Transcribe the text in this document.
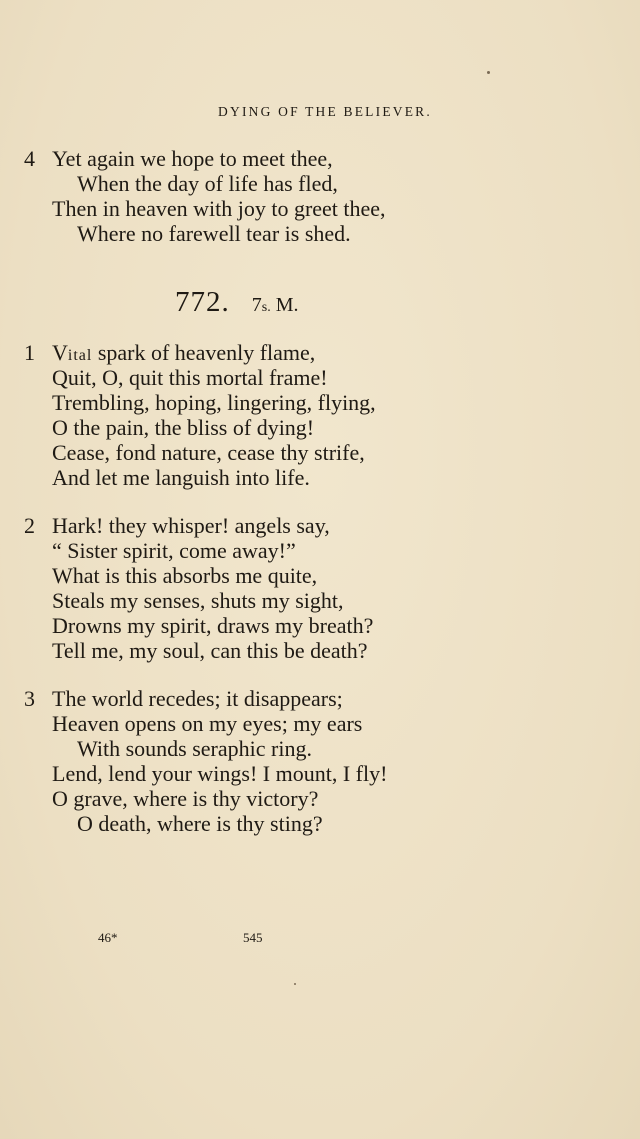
DYING OF THE BELIEVER.
4 Yet again we hope to meet thee,
When the day of life has fled,
Then in heaven with joy to greet thee,
Where no farewell tear is shed.
772. 7s. M.
1 Vital spark of heavenly flame,
Quit, O, quit this mortal frame!
Trembling, hoping, lingering, flying,
O the pain, the bliss of dying!
Cease, fond nature, cease thy strife,
And let me languish into life.
2 Hark! they whisper! angels say,
“ Sister spirit, come away!”
What is this absorbs me quite,
Steals my senses, shuts my sight,
Drowns my spirit, draws my breath?
Tell me, my soul, can this be death?
3 The world recedes; it disappears;
Heaven opens on my eyes; my ears
With sounds seraphic ring.
Lend, lend your wings! I mount, I fly!
O grave, where is thy victory?
O death, where is thy sting?
46*	545
